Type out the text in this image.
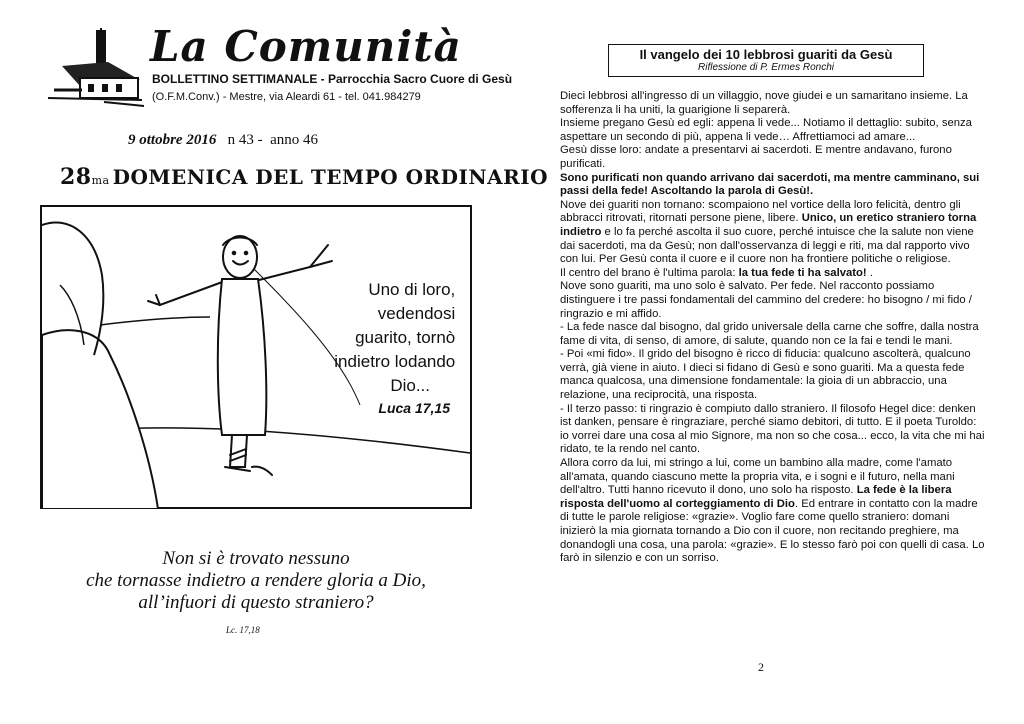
La Comunità
BOLLETTINO SETTIMANALE - Parrocchia Sacro Cuore di Gesù
(O.F.M.Conv.) - Mestre, via Aleardi 61 - tel. 041.984279
9 ottobre 2016 n 43 - anno 46
28ma DOMENICA DEL TEMPO ORDINARIO
Uno di loro, vedendosi guarito, tornò indietro lodando Dio...
Luca 17,15
Non si è trovato nessuno
che tornasse indietro a rendere gloria a Dio,
all’infuori di questo straniero?
Lc. 17,18
Il vangelo dei 10 lebbrosi guariti da Gesù
Riflessione di P. Ermes Ronchi

Dieci lebbrosi all'ingresso di un villaggio, nove giudei e un samaritano insieme. La sofferenza li ha uniti, la guarigione li separerà.

Insieme pregano Gesù ed egli: appena li vede... Notiamo il dettaglio: subito, senza aspettare un secondo di più, appena li vede… Affrettiamoci ad amare...

Gesù disse loro: andate a presentarvi ai sacerdoti. E mentre andavano, furono purificati.

Sono purificati non quando arrivano dai sacerdoti, ma mentre camminano, sui passi della fede! Ascoltando la parola di Gesù!.

Nove dei guariti non tornano: scompaiono nel vortice della loro felicità, dentro gli abbracci ritrovati, ritornati persone piene, libere. Unico, un eretico straniero torna indietro e lo fa perché ascolta il suo cuore, perché intuisce che la salute non viene dai sacerdoti, ma da Gesù; non dall'osservanza di leggi e riti, ma dal rapporto vivo con lui. Per Gesù conta il cuore e il cuore non ha frontiere politiche o religiose.

Il centro del brano è l'ultima parola: la tua fede ti ha salvato! .

Nove sono guariti, ma uno solo è salvato. Per fede. Nel racconto possiamo distinguere i tre passi fondamentali del cammino del credere: ho bisogno / mi fido / ringrazio e mi affido.

- La fede nasce dal bisogno, dal grido universale della carne che soffre, dalla nostra fame di vita, di senso, di amore, di salute, quando non ce la fai e tendi le mani.

- Poi «mi fido». Il grido del bisogno è ricco di fiducia: qualcuno ascolterà, qualcuno verrà, già viene in aiuto. I dieci si fidano di Gesù e sono guariti. Ma a questa fede manca qualcosa, una dimensione fondamentale: la gioia di un abbraccio, una relazione, una reciprocità, una risposta.

- Il terzo passo: ti ringrazio è compiuto dallo straniero. Il filosofo Hegel dice: denken ist danken, pensare è ringraziare, perché siamo debitori, di tutto. E il poeta Turoldo: io vorrei dare una cosa al mio Signore, ma non so che cosa... ecco, la vita che mi hai ridato, te la rendo nel canto.

Allora corro da lui, mi stringo a lui, come un bambino alla madre, come l'amato all'amata, quando ciascuno mette la propria vita, e i sogni e il futuro, nella mani dell'altro. Tutti hanno ricevuto il dono, uno solo ha risposto. La fede è la libera risposta dell'uomo al corteggiamento di Dio. Ed entrare in contatto con la madre di tutte le parole religiose: «grazie». Voglio fare come quello straniero: domani inizierò la mia giornata tornando a Dio con il cuore, non recitando preghiere, ma donandogli una cosa, una parola: «grazie». E lo stesso farò poi con quelli di casa. Lo farò in silenzio e con un sorriso.

2
